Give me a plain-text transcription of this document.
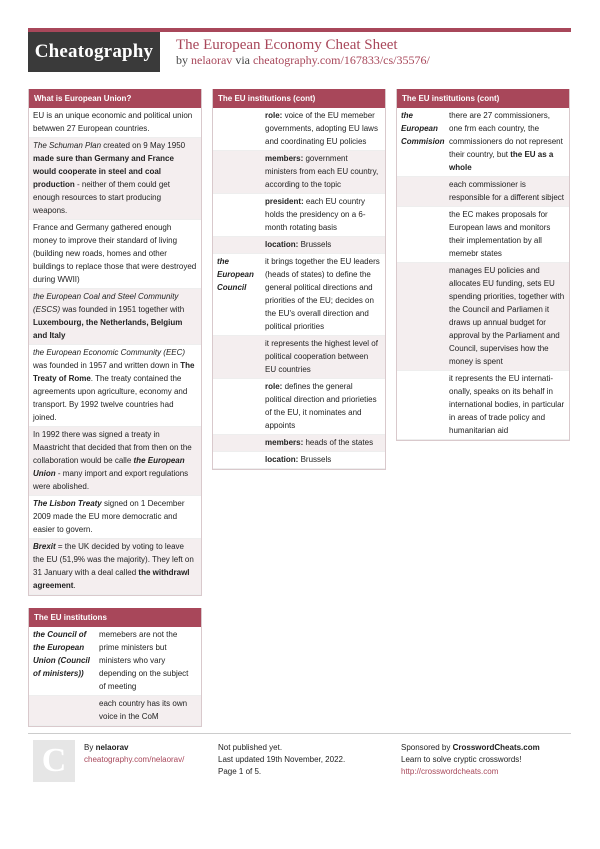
Cheatography	The European Economy Cheat Sheet
by nelaorav via cheatography.com/167833/cs/35576/
What is European Union?
EU is an unique economic and political union betwwen 27 European countries.
The Schuman Plan created on 9 May 1950 made sure than Germany and France would cooperate in steel and coal production - neither of them could get enough resources to start producing weapons.
France and Germany gathered enough money to improve their standard of living (building new roads, homes and other buildings to replace those that were destroyed during WWII)
the European Coal and Steel Community (ESCS) was founded in 1951 together with Luxembourg, the Netherlands, Belgium and Italy
the European Economic Community (EEC) was founded in 1957 and written down in The Treaty of Rome. The treaty contained the agreements upon agriculture, economy and transport. By 1992 twelve countries had joined.
In 1992 there was signed a treaty in Maastricht that decided that from then on the collaboration would be calle the European Union - many import and export regulations were abolished.
The Lisbon Treaty signed on 1 December 2009 made the EU more democratic and easier to govern.
Brexit = the UK decided by voting to leave the EU (51,9% was the majority). They left on 31 January with a deal called the withdrawl agreement.
The EU institutions
the Council of the European Union (Council of ministers))
memebers are not the prime ministers but ministers who vary depending on the subject of meeting
each country has its own voice in the CoM
The EU institutions (cont)
role: voice of the EU memeber governments, adopting EU laws and coordinating EU policies
members: government ministers from each EU country, according to the topic
president: each EU country holds the presidency on a 6-month rotating basis
location: Brussels
the European Council
it brings together the EU leaders (heads of states) to define the general political directions and priorities of the EU; decides on the EU's overall direction and political priorities
it represents the highest level of political cooperation between EU countries
role: defines the general political direction and prioriеties of the EU, it nominates and appoints
members: heads of the states
location: Brussels
The EU institutions (cont)
the European Commision
there are 27 commissioners, one frm each country, the commissioners do not represent their country, but the EU as a whole
each commissioner is responsible for a different sibject
the EC makes proposals for European laws and monitors their implementation by all memebr states
manages EU policies and allocates EU funding, sets EU spending priorities, together with the Council and Parliamen it draws up annual budget for approval by the Parliament and Council, supervises how the money is spent
it represents the EU internati-onally, speaks on its behalf in international bodies, in particular in areas of trade policy and humanitarian aid
C	By nelaorav
cheatography.com/nelaorav/
Not published yet.
Last updated 19th November, 2022.
Page 1 of 5.
Sponsored by CrosswordCheats.com
Learn to solve cryptic crosswords!
http://crosswordcheats.com
